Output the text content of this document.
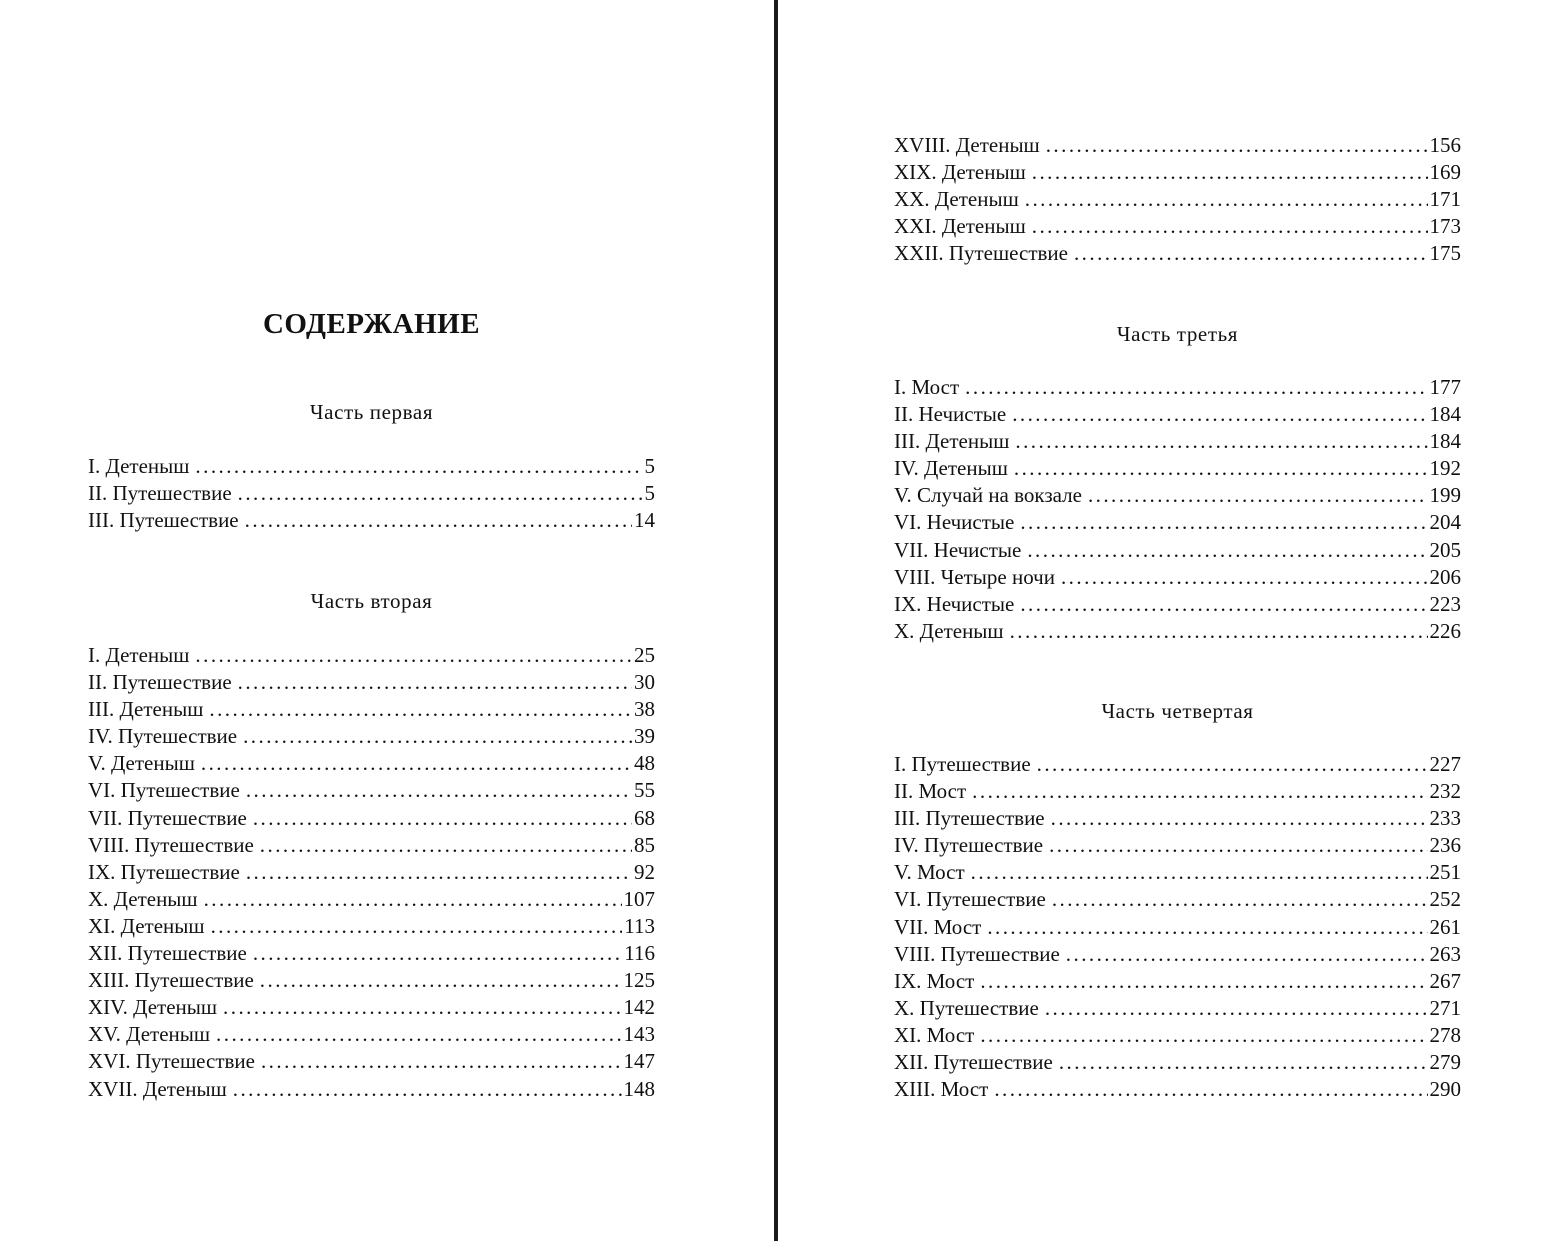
СОДЕРЖАНИЕ
Часть первая
I. Детеныш . . .	5
II. Путешествие . . .	5
III. Путешествие . . .	14
Часть вторая
I. Детеныш . . .	25
II. Путешествие . . .	30
III. Детеныш . . .	38
IV. Путешествие . . .	39
V. Детеныш . . .	48
VI. Путешествие . . .	55
VII. Путешествие . . .	68
VIII. Путешествие . . .	85
IX. Путешествие . . .	92
X. Детеныш . . .	107
XI. Детеныш . . .	113
XII. Путешествие . . .	116
XIII. Путешествие . . .	125
XIV. Детеныш . . .	142
XV. Детеныш . . .	143
XVI. Путешествие . . .	147
XVII. Детеныш . . .	148
XVIII. Детеныш . . .	156
XIX. Детеныш . . .	169
XX. Детеныш . . .	171
XXI. Детеныш . . .	173
XXII. Путешествие . . .	175
Часть третья
I. Мост . . .	177
II. Нечистые . . .	184
III. Детеныш . . .	184
IV. Детеныш . . .	192
V. Случай на вокзале . . .	199
VI. Нечистые . . .	204
VII. Нечистые . . .	205
VIII. Четыре ночи . . .	206
IX. Нечистые . . .	223
X. Детеныш . . .	226
Часть четвертая
I. Путешествие . . .	227
II. Мост . . .	232
III. Путешествие . . .	233
IV. Путешествие . . .	236
V. Мост . . .	251
VI. Путешествие . . .	252
VII. Мост . . .	261
VIII. Путешествие . . .	263
IX. Мост . . .	267
X. Путешествие . . .	271
XI. Мост . . .	278
XII. Путешествие . . .	279
XIII. Мост . . .	290
